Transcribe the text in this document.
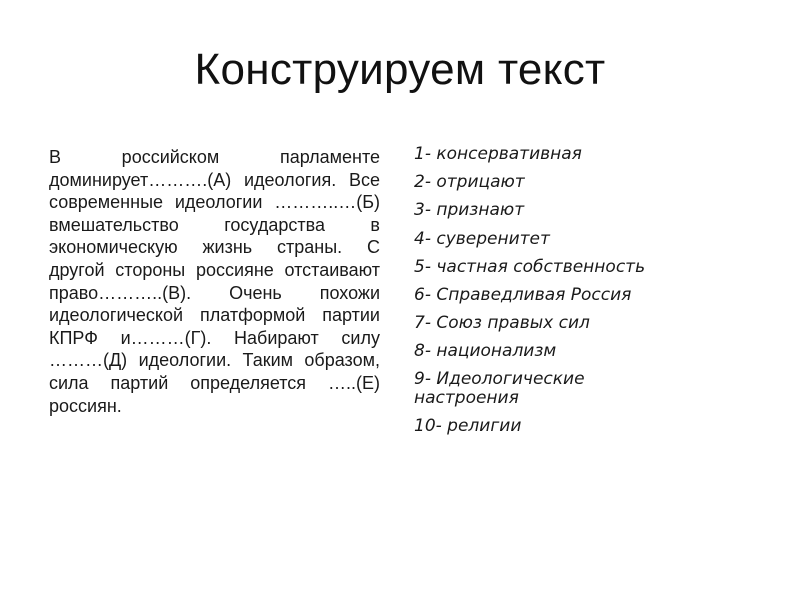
Конструируем текст
В российском парламенте доминирует……….(А) идеология. Все современные идеологии ………..…(Б) вмешательство государства в экономическую жизнь страны. С другой стороны россияне отстаивают право………..(В). Очень похожи идеологической платформой партии КПРФ и………(Г). Набирают силу ………(Д) идеологии. Таким образом, сила партий определяется …..(Е) россиян.
1- консервативная
2- отрицают
3- признают
4- суверенитет
5- частная собственность
6- Справедливая Россия
7- Союз правых сил
8- национализм
9- Идеологические настроения
10- религии
